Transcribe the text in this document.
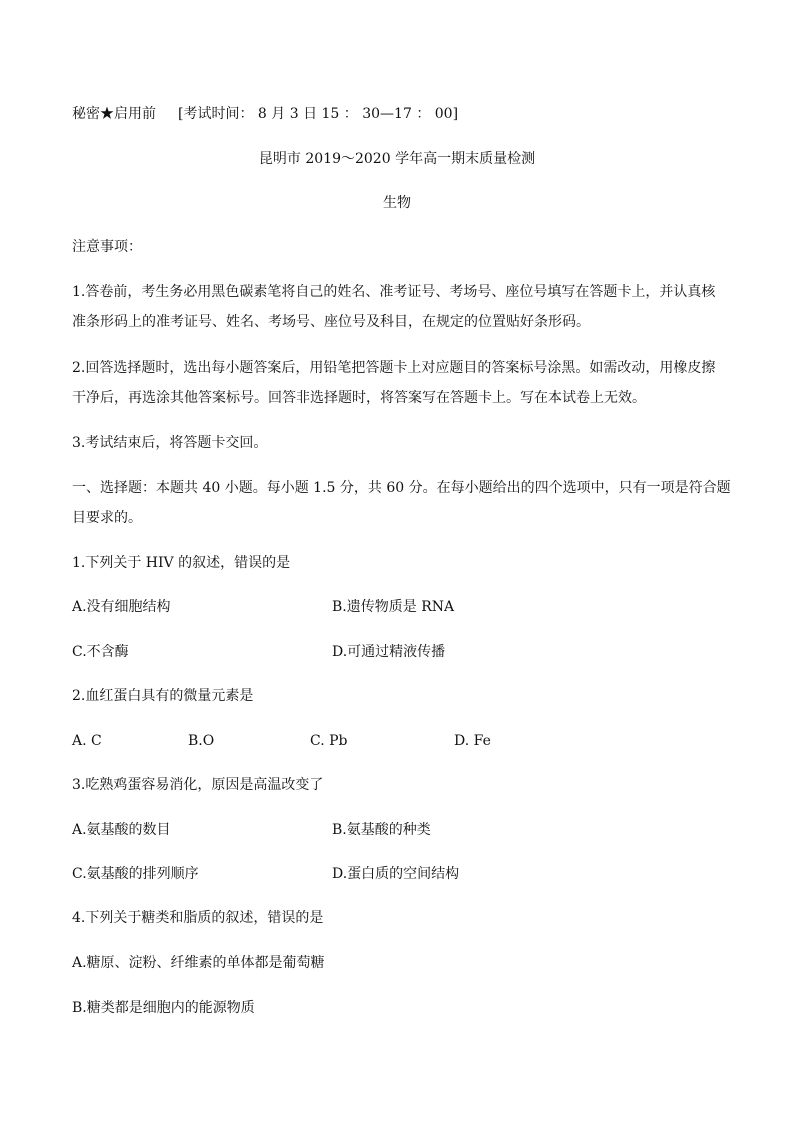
秘密★启用前 [考试时间： 8 月 3 日 15 ： 30—17 ： 00]
昆明市 2019～2020 学年高一期末质量检测
生物
注意事项：
1.答卷前，考生务必用黑色碳素笔将自己的姓名、准考证号、考场号、座位号填写在答题卡上，并认真核
准条形码上的准考证号、姓名、考场号、座位号及科目，在规定的位置贴好条形码。
2.回答选择题时，选出每小题答案后，用铅笔把答题卡上对应题目的答案标号涂黑。如需改动，用橡皮擦
干净后，再选涂其他答案标号。回答非选择题时，将答案写在答题卡上。写在本试卷上无效。
3.考试结束后，将答题卡交回。
一、选择题：本题共 40 小题。每小题 1.5 分，共 60 分。在每小题给出的四个选项中，只有一项是符合题
目要求的。
1.下列关于 HIV 的叙述，错误的是
A.没有细胞结构	B.遗传物质是 RNA
C.不含酶	D.可通过精液传播
2.血红蛋白具有的微量元素是
A. C	B.O	C. Pb	D. Fe
3.吃熟鸡蛋容易消化，原因是高温改变了
A.氨基酸的数目	B.氨基酸的种类
C.氨基酸的排列顺序	D.蛋白质的空间结构
4.下列关于糖类和脂质的叙述，错误的是
A.糖原、淀粉、纤维素的单体都是葡萄糖
B.糖类都是细胞内的能源物质
